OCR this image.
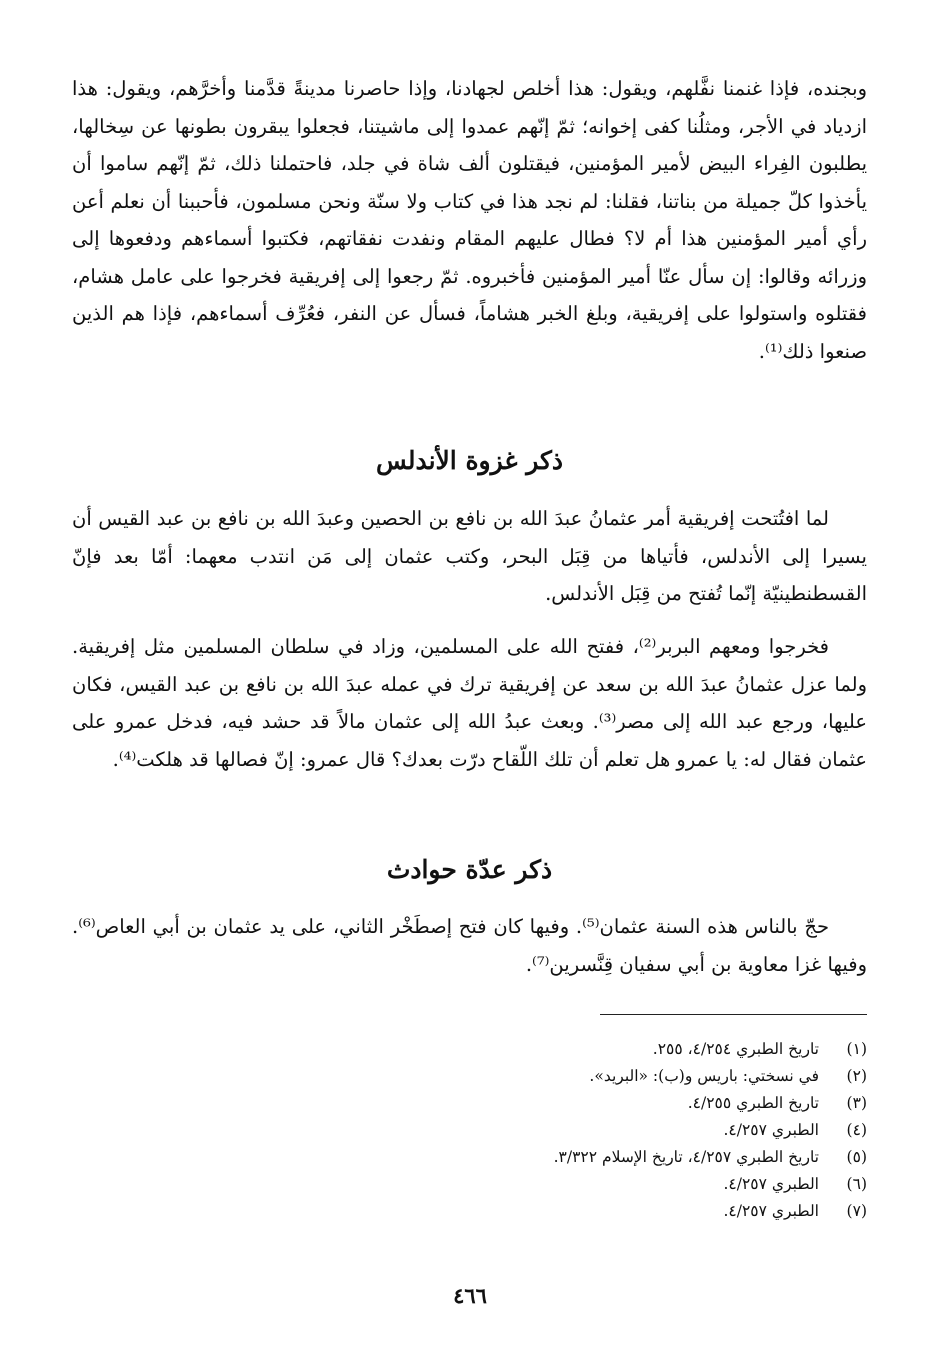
وبجنده، فإذا غنمنا نفَّلهم، ويقول: هذا أخلص لجهادنا، وإذا حاصرنا مدينةً قدَّمنا وأخرَّهم، ويقول: هذا ازدياد في الأجر، ومثلُنا كفى إخوانه؛ ثمّ إنّهم عمدوا إلى ماشيتنا، فجعلوا يبقرون بطونها عن سِخالها، يطلبون الفِراء البيض لأمير المؤمنين، فيقتلون ألف شاة في جلد، فاحتملنا ذلك، ثمّ إنّهم ساموا أن يأخذوا كلّ جميلة من بناتنا، فقلنا: لم نجد هذا في كتاب ولا سنّة ونحن مسلمون، فأحببنا أن نعلم أعن رأي أمير المؤمنين هذا أم لا؟ فطال عليهم المقام ونفدت نفقاتهم، فكتبوا أسماءهم ودفعوها إلى وزرائه وقالوا: إن سأل عنّا أمير المؤمنين فأخبروه. ثمّ رجعوا إلى إفريقية فخرجوا على عامل هشام، فقتلوه واستولوا على إفريقية، وبلغ الخبر هشاماً، فسأل عن النفر، فعُرِّف أسماءهم، فإذا هم الذين صنعوا ذلك⁽¹⁾.

ذكر غزوة الأندلس

لما افتُتحت إفريقية أمر عثمانُ عبدَ الله بن نافع بن الحصين وعبدَ الله بن نافع بن عبد القيس أن يسيرا إلى الأندلس، فأتياها من قِبَل البحر، وكتب عثمان إلى مَن انتدب معهما: أمّا بعد فإنّ القسطنطينيّة إنّما تُفتح من قِبَل الأندلس.

فخرجوا ومعهم البربر⁽²⁾، ففتح الله على المسلمين، وزاد في سلطان المسلمين مثل إفريقية. ولما عزل عثمانُ عبدَ الله بن سعد عن إفريقية ترك في عمله عبدَ الله بن نافع بن عبد القيس، فكان عليها، ورجع عبد الله إلى مصر⁽³⁾. وبعث عبدُ الله إلى عثمان مالاً قد حشد فيه، فدخل عمرو على عثمان فقال له: يا عمرو هل تعلم أن تلك اللّقاح درّت بعدك؟ قال عمرو: إنّ فصالها قد هلكت⁽⁴⁾.

ذكر عدّة حوادث

حجّ بالناس هذه السنة عثمان⁽⁵⁾. وفيها كان فتح إصطَخْر الثاني، على يد عثمان بن أبي العاص⁽⁶⁾. وفيها غزا معاوية بن أبي سفيان قِنَّسرين⁽⁷⁾.

(١)تاريخ الطبري ٤/٢٥٤، ٢٥٥.
(٢)في نسختي: باريس و(ب): «البريد».
(٣)تاريخ الطبري ٤/٢٥٥.
(٤)الطبري ٤/٢٥٧.
(٥)تاريخ الطبري ٤/٢٥٧، تاريخ الإسلام ٣/٣٢٢.
(٦)الطبري ٤/٢٥٧.
(٧)الطبري ٤/٢٥٧.
٤٦٦
